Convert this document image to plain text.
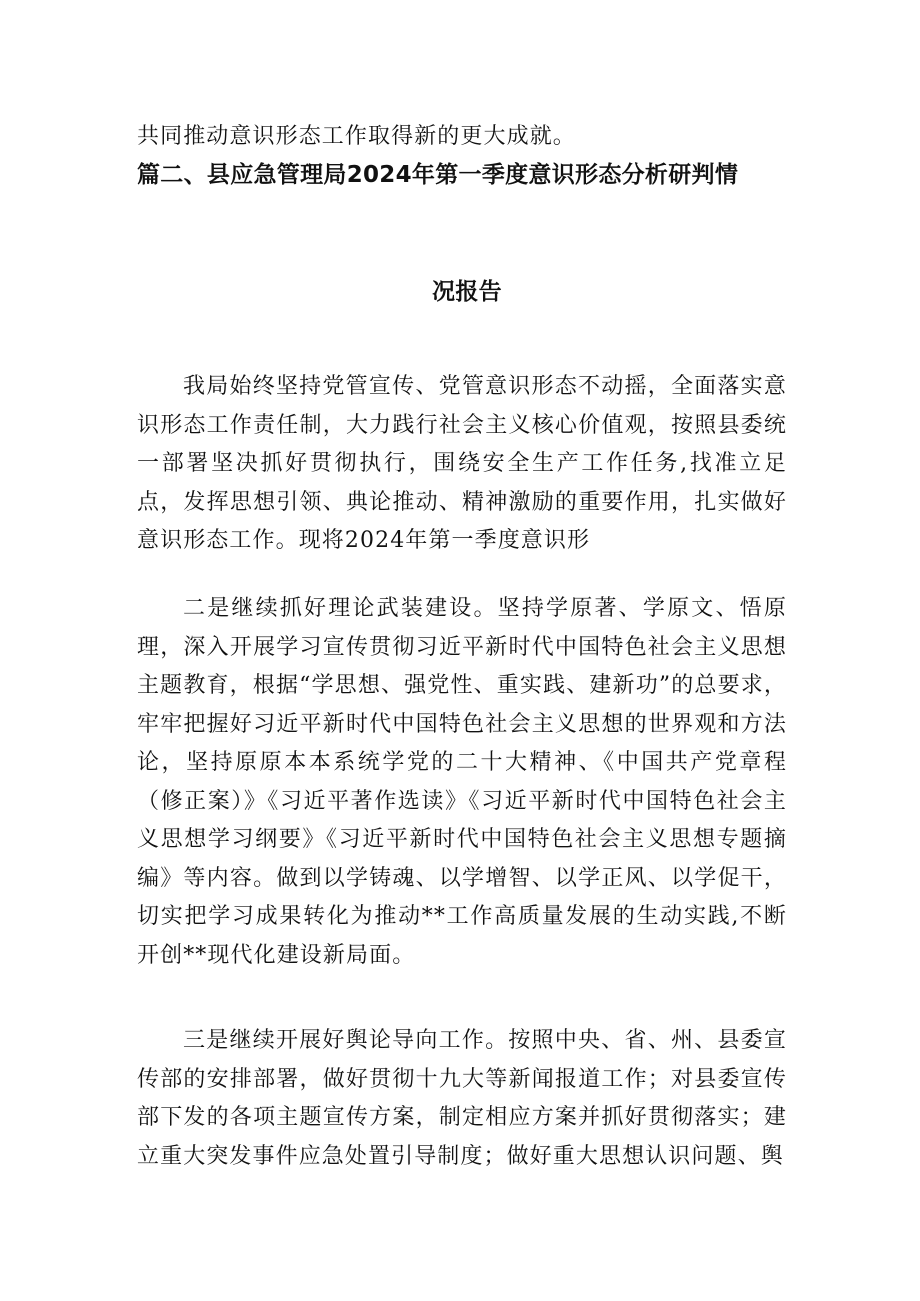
共同推动意识形态工作取得新的更大成就。

篇二、县应急管理局2024年第一季度意识形态分析研判情
况报告

我局始终坚持党管宣传、党管意识形态不动摇，全面落实意识形态工作责任制，大力践行社会主义核心价值观，按照县委统一部署坚决抓好贯彻执行，围绕安全生产工作任务,找准立足点，发挥思想引领、典论推动、精神激励的重要作用，扎实做好意识形态工作。现将2024年第一季度意识形

二是继续抓好理论武装建设。坚持学原著、学原文、悟原理，深入开展学习宣传贯彻习近平新时代中国特色社会主义思想主题教育，根据“学思想、强党性、重实践、建新功”的总要求，牢牢把握好习近平新时代中国特色社会主义思想的世界观和方法论，坚持原原本本系统学党的二十大精神、《中国共产党章程（修正案）》《习近平著作选读》《习近平新时代中国特色社会主义思想学习纲要》《习近平新时代中国特色社会主义思想专题摘编》等内容。做到以学铸魂、以学增智、以学正风、以学促干，切实把学习成果转化为推动**工作高质量发展的生动实践,不断开创**现代化建设新局面。

三是继续开展好舆论导向工作。按照中央、省、州、县委宣传部的安排部署，做好贯彻十九大等新闻报道工作；对县委宣传部下发的各项主题宣传方案，制定相应方案并抓好贯彻落实；建立重大突发事件应急处置引导制度；做好重大思想认识问题、舆
